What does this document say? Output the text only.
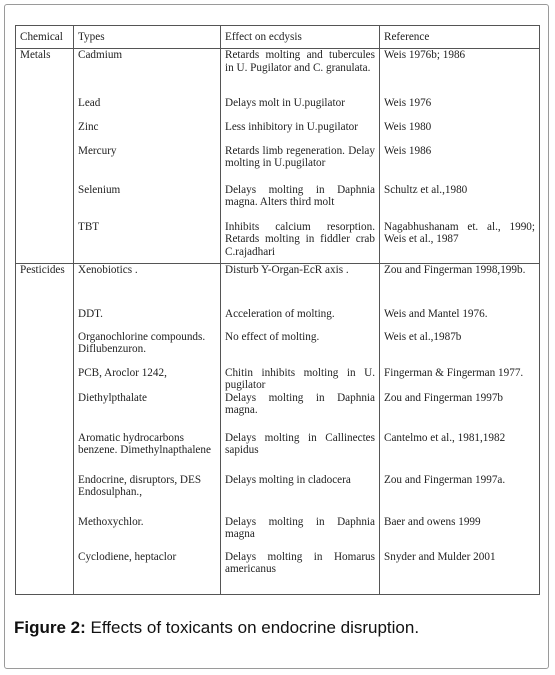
Chemical	Types	Effect on ecdysis	Reference

Metals	Cadmium	Retards molting and tubercules in U. Pugilator and C. granulata.	Weis 1976b; 1986

	Lead	Delays molt in U.pugilator	Weis 1976

	Zinc	Less inhibitory in U.pugilator	Weis 1980

	Mercury	Retards limb regeneration. Delay molting in U.pugilator	Weis 1986

	Selenium	Delays molting in Daphnia magna. Alters third molt	Schultz et al.,1980

	TBT	Inhibits calcium resorption. Retards molting in fiddler crab C.rajadhari	Nagabhushanam et. al., 1990; Weis et al., 1987

Pesticides	Xenobiotics .	Disturb Y-Organ-EcR axis .	Zou and Fingerman 1998,199b.

	DDT.	Acceleration of molting.	Weis and Mantel 1976.

	Organochlorine compounds. Diflubenzuron.	No effect of molting.	Weis et al.,1987b

	PCB, Aroclor 1242,	Chitin inhibits molting in U. pugilator	Fingerman & Fingerman 1977.

	Diethylpthalate	Delays molting in Daphnia magna.	Zou and Fingerman 1997b

	Aromatic hydrocarbons benzene. Dimethylnapthalene	Delays molting in Callinectes sapidus	Cantelmo et al., 1981,1982

	Endocrine, disruptors, DES Endosulphan.,	Delays molting in cladocera	Zou and Fingerman 1997a.

	Methoxychlor.	Delays molting in Daphnia magna	Baer and owens 1999

	Cyclodiene, heptaclor	Delays molting in Homarus americanus	Snyder and Mulder 2001
Figure 2: Effects of toxicants on endocrine disruption.
